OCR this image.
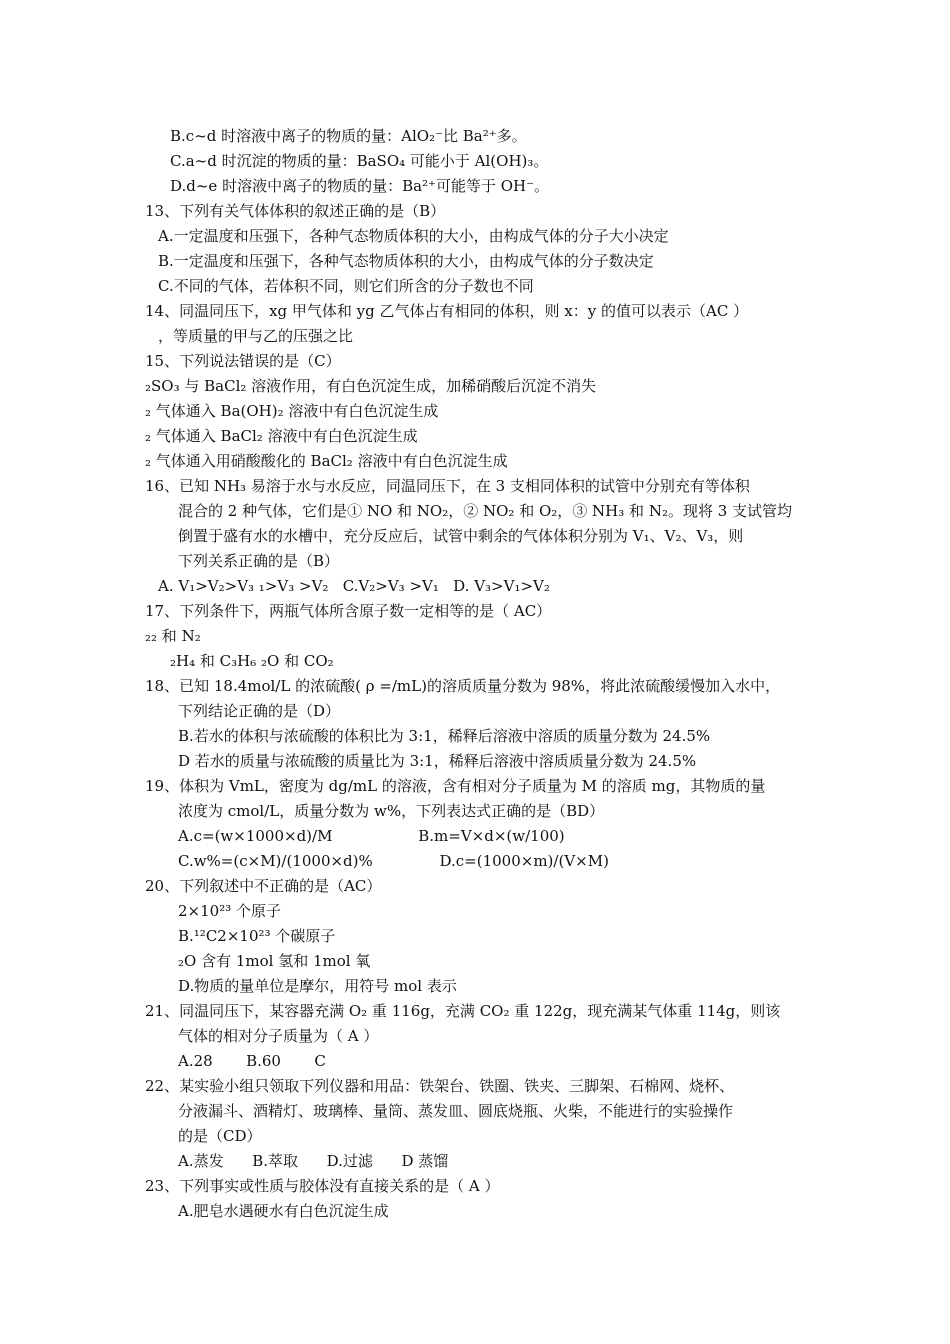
B.c~d 时溶液中离子的物质的量：AlO₂⁻比 Ba²⁺多。
C.a~d 时沉淀的物质的量：BaSO₄ 可能小于 Al(OH)₃。
D.d~e 时溶液中离子的物质的量：Ba²⁺可能等于 OH⁻。
13、下列有关气体体积的叙述正确的是（B）
A.一定温度和压强下，各种气态物质体积的大小，由构成气体的分子大小决定
B.一定温度和压强下，各种气态物质体积的大小，由构成气体的分子数决定
C.不同的气体，若体积不同，则它们所含的分子数也不同
14、同温同压下，xg 甲气体和 yg 乙气体占有相同的体积，则 x：y 的值可以表示（AC ）
，等质量的甲与乙的压强之比
15、下列说法错误的是（C）
₂SO₃ 与 BaCl₂ 溶液作用，有白色沉淀生成，加稀硝酸后沉淀不消失
₂ 气体通入 Ba(OH)₂ 溶液中有白色沉淀生成
₂ 气体通入 BaCl₂ 溶液中有白色沉淀生成
₂ 气体通入用硝酸酸化的 BaCl₂ 溶液中有白色沉淀生成
16、已知 NH₃ 易溶于水与水反应，同温同压下，在 3 支相同体积的试管中分别充有等体积
混合的 2 种气体，它们是① NO 和 NO₂，② NO₂ 和 O₂，③ NH₃ 和 N₂。现将 3 支试管均
倒置于盛有水的水槽中，充分反应后，试管中剩余的气体体积分别为 V₁、V₂、V₃，则
下列关系正确的是（B）
A. V₁>V₂>V₃ ₁>V₃ >V₂   C.V₂>V₃ >V₁   D. V₃>V₁>V₂
17、下列条件下，两瓶气体所含原子数一定相等的是（ AC）
₂₂ 和 N₂
₂H₄ 和 C₃H₆ ₂O 和 CO₂
18、已知 18.4mol/L 的浓硫酸( ρ =/mL)的溶质质量分数为 98%，将此浓硫酸缓慢加入水中，
下列结论正确的是（D）
B.若水的体积与浓硫酸的体积比为 3:1，稀释后溶液中溶质的质量分数为 24.5%
D 若水的质量与浓硫酸的质量比为 3:1，稀释后溶液中溶质质量分数为 24.5%
19、体积为 VmL，密度为 dg/mL 的溶液，含有相对分子质量为 M 的溶质 mg，其物质的量
浓度为 cmol/L，质量分数为 w%，下列表达式正确的是（BD）
A.c=(w×1000×d)/M                  B.m=V×d×(w/100)
C.w%=(c×M)/(1000×d)%              D.c=(1000×m)/(V×M)
20、下列叙述中不正确的是（AC）
2×10²³ 个原子
B.¹²C2×10²³ 个碳原子
₂O 含有 1mol 氢和 1mol 氧
D.物质的量单位是摩尔，用符号 mol 表示
21、同温同压下，某容器充满 O₂ 重 116g，充满 CO₂ 重 122g，现充满某气体重 114g，则该
气体的相对分子质量为（ A ）
A.28       B.60       C
22、某实验小组只领取下列仪器和用品：铁架台、铁圈、铁夹、三脚架、石棉网、烧杯、
分液漏斗、酒精灯、玻璃棒、量筒、蒸发皿、圆底烧瓶、火柴，不能进行的实验操作
的是（CD）
A.蒸发      B.萃取      D.过滤      D 蒸馏
23、下列事实或性质与胶体没有直接关系的是（ A ）
A.肥皂水遇硬水有白色沉淀生成
